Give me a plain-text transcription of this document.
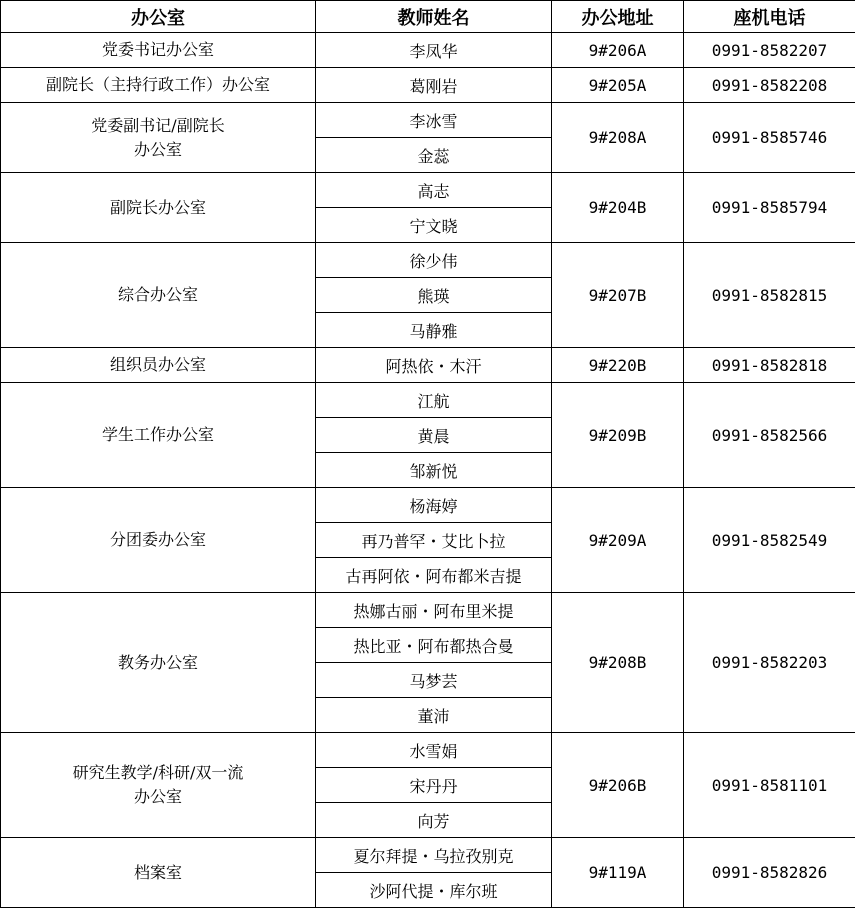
办公室	教师姓名	办公地址	座机电话

党委书记办公室	李凤华	9#206A	0991-8582207

副院长（主持行政工作）办公室	葛刚岩	9#205A	0991-8582208

党委副书记/副院长
办公室	李冰雪	9#208A	0991-8585746
	金蕊		

副院长办公室	高志	9#204B	0991-8585794
	宁文晓		

综合办公室	徐少伟	9#207B	0991-8582815
	熊瑛		
	马静雅		

组织员办公室	阿热依・木汗	9#220B	0991-8582818

学生工作办公室	江航	9#209B	0991-8582566
	黄晨		
	邹新悦		

分团委办公室	杨海婷	9#209A	0991-8582549
	再乃普罕・艾比卜拉		
	古再阿依・阿布都米吉提		

教务办公室	热娜古丽・阿布里米提	9#208B	0991-8582203
	热比亚・阿布都热合曼		
	马梦芸		
	董沛		

研究生教学/科研/双一流
办公室	水雪娟	9#206B	0991-8581101
	宋丹丹		
	向芳		

档案室	夏尔拜提・乌拉孜别克	9#119A	0991-8582826
	沙阿代提・库尔班		
